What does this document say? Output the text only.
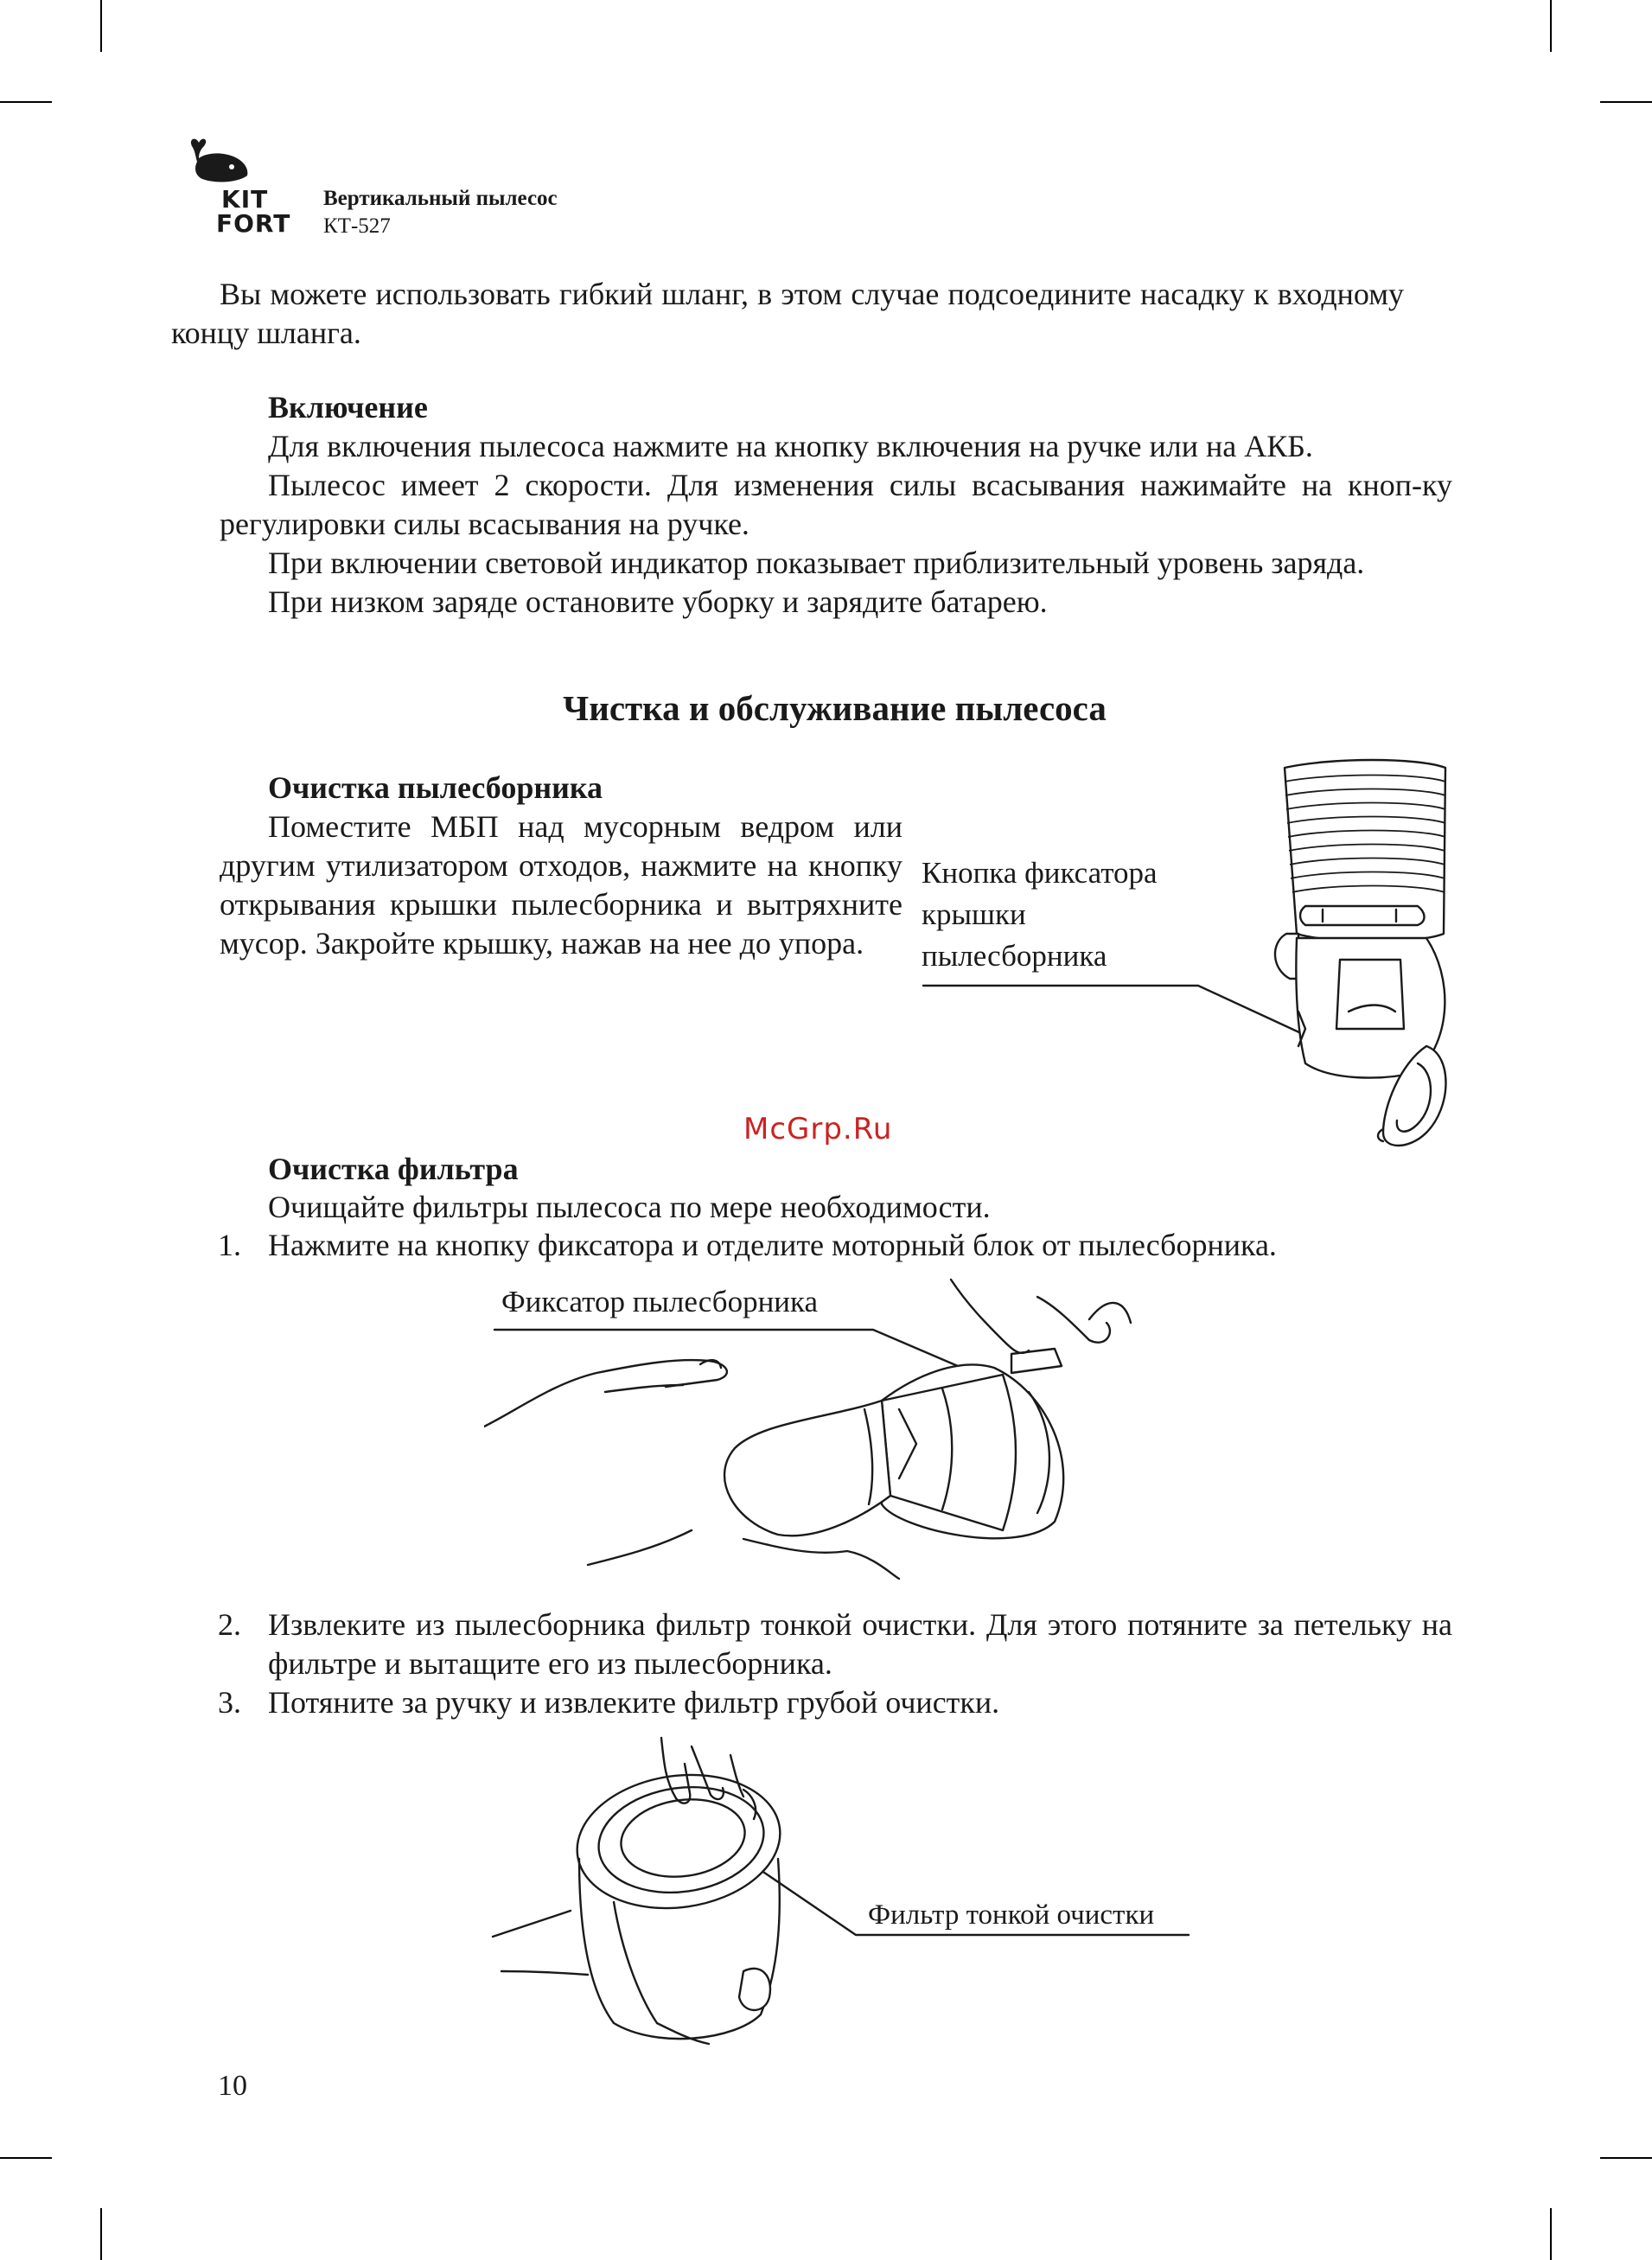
KIT
FORT
Вертикальный пылесос
КТ-527
Вы можете использовать гибкий шланг, в этом случае подсоедините насадку к входному концу шланга.
Включение
Для включения пылесоса нажмите на кнопку включения на ручке или на АКБ.
Пылесос имеет 2 скорости. Для изменения силы всасывания нажимайте на кноп-ку регулировки силы всасывания на ручке.
При включении световой индикатор показывает приблизительный уровень заряда.
При низком заряде остановите уборку и зарядите батарею.
Чистка и обслуживание пылесоса
Очистка пылесборника
Поместите МБП над мусорным ведром или другим утилизатором отходов, нажмите на кнопку открывания крышки пылесборника и вытряхните мусор. Закройте крышку, нажав на нее до упора.
Кнопка фиксатора
крышки
пылесборника
McGrp.Ru
Очистка фильтра
Очищайте фильтры пылесоса по мере необходимости.
1. Нажмите на кнопку фиксатора и отделите моторный блок от пылесборника.
Фиксатор пылесборника
2. Извлеките из пылесборника фильтр тонкой очистки. Для этого потяните за петельку на фильтре и вытащите его из пылесборника.
3. Потяните за ручку и извлеките фильтр грубой очистки.
Фильтр тонкой очистки
10
